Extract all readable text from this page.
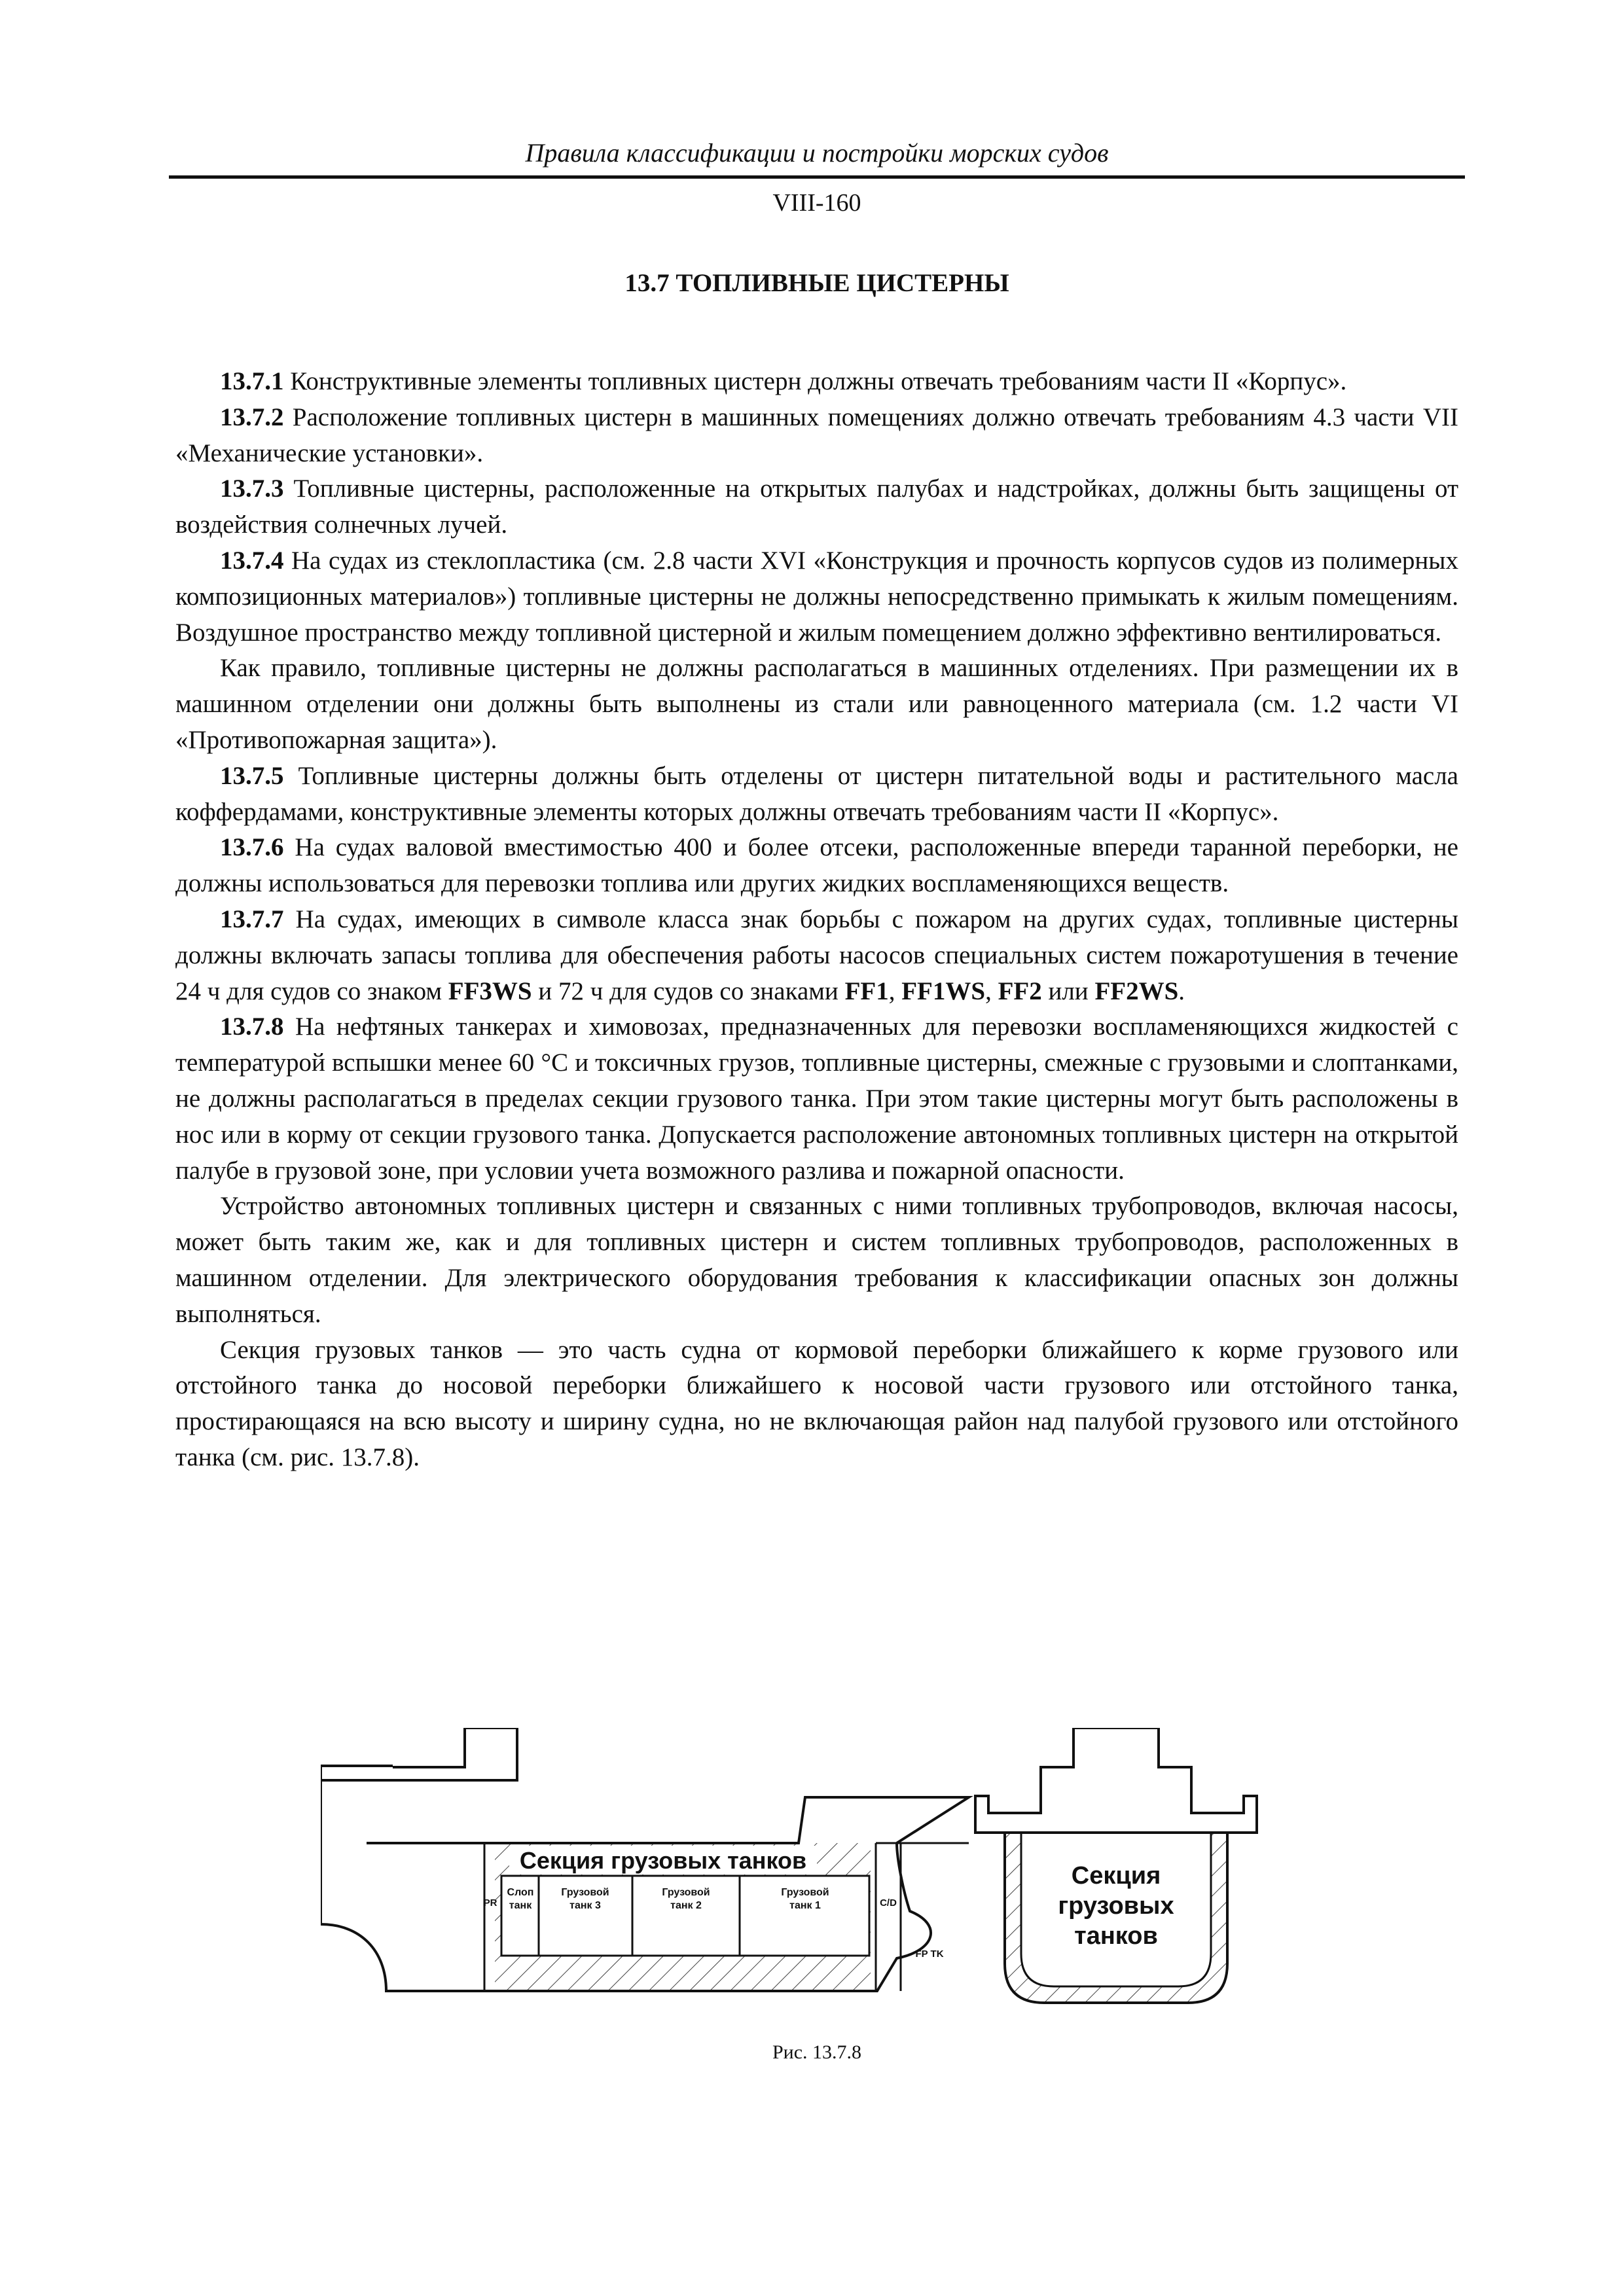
Правила классификации и постройки морских судов
VIII-160
13.7 ТОПЛИВНЫЕ ЦИСТЕРНЫ

13.7.1 Конструктивные элементы топливных цистерн должны отвечать требованиям части II «Корпус».

13.7.2 Расположение топливных цистерн в машинных помещениях должно отвечать требованиям 4.3 части VII «Механические установки».

13.7.3 Топливные цистерны, расположенные на открытых палубах и надстройках, должны быть защищены от воздействия солнечных лучей.

13.7.4 На судах из стеклопластика (см. 2.8 части XVI «Конструкция и прочность корпусов судов из полимерных композиционных материалов») топливные цистерны не должны непосредственно примыкать к жилым помещениям. Воздушное пространство между топливной цистерной и жилым помещением должно эффективно вентилироваться.

Как правило, топливные цистерны не должны располагаться в машинных отделениях. При размещении их в машинном отделении они должны быть выполнены из стали или равноценного материала (см. 1.2 части VI «Противопожарная защита»).

13.7.5 Топливные цистерны должны быть отделены от цистерн питательной воды и растительного масла коффердамами, конструктивные элементы которых должны отвечать требованиям части II «Корпус».

13.7.6 На судах валовой вместимостью 400 и более отсеки, расположенные впереди таранной переборки, не должны использоваться для перевозки топлива или других жидких воспламеняющихся веществ.

13.7.7 На судах, имеющих в символе класса знак борьбы с пожаром на других судах, топливные цистерны должны включать запасы топлива для обеспечения работы насосов специальных систем пожаротушения в течение 24 ч для судов со знаком FF3WS и 72 ч для судов со знаками FF1, FF1WS, FF2 или FF2WS.

13.7.8 На нефтяных танкерах и химовозах, предназначенных для перевозки воспламеняющихся жидкостей с температурой вспышки менее 60 °С и токсичных грузов, топливные цистерны, смежные с грузовыми и слоптанками, не должны располагаться в пределах секции грузового танка. При этом такие цистерны могут быть расположены в нос или в корму от секции грузового танка. Допускается расположение автономных топливных цистерн на открытой палубе в грузовой зоне, при условии учета возможного разлива и пожарной опасности.

Устройство автономных топливных цистерн и связанных с ними топливных трубопроводов, включая насосы, может быть таким же, как и для топливных цистерн и систем топливных трубопроводов, расположенных в машинном отделении. Для электрического оборудования требования к классификации опасных зон должны выполняться.

Секция грузовых танков — это часть судна от кормовой переборки ближайшего к корме грузового или отстойного танка до носовой переборки ближайшего к носовой части грузового или отстойного танка, простирающаяся на всю высоту и ширину судна, но не включающая район над палубой грузового или отстойного танка (см. рис. 13.7.8).

Секция грузовых танков
PR
Слоп
танк
Грузовой
танк 3
Грузовой
танк 2
Грузовой
танк 1	C/D
FP TK
Секция
грузовых
танков
Рис. 13.7.8
